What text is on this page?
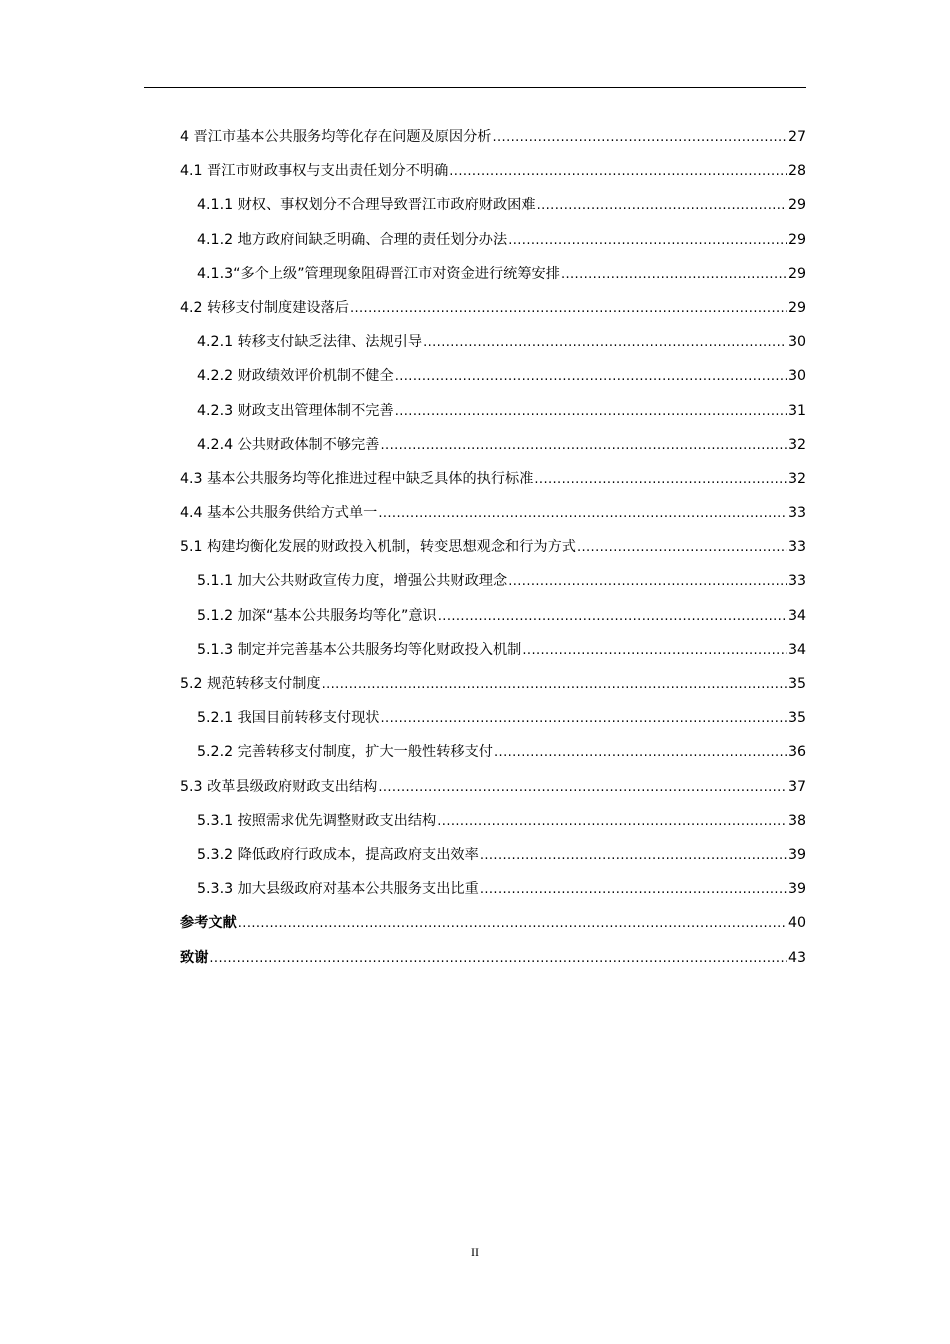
4 晋江市基本公共服务均等化存在问题及原因分析 .....	27
4.1 晋江市财政事权与支出责任划分不明确 .....	28
4.1.1 财权、事权划分不合理导致晋江市政府财政困难 .....	29
4.1.2 地方政府间缺乏明确、合理的责任划分办法 .....	29
4.1.3“多个上级”管理现象阻碍晋江市对资金进行统筹安排 .....	29
4.2 转移支付制度建设落后 .....	29
4.2.1 转移支付缺乏法律、法规引导 .....	30
4.2.2 财政绩效评价机制不健全 .....	30
4.2.3 财政支出管理体制不完善 .....	31
4.2.4 公共财政体制不够完善 .....	32
4.3 基本公共服务均等化推进过程中缺乏具体的执行标准 .....	32
4.4 基本公共服务供给方式单一 .....	33
5.1 构建均衡化发展的财政投入机制，转变思想观念和行为方式 .....	33
5.1.1 加大公共财政宣传力度，增强公共财政理念 .....	33
5.1.2 加深“基本公共服务均等化”意识 .....	34
5.1.3 制定并完善基本公共服务均等化财政投入机制 .....	34
5.2 规范转移支付制度 .....	35
5.2.1 我国目前转移支付现状 .....	35
5.2.2 完善转移支付制度，扩大一般性转移支付 .....	36
5.3 改革县级政府财政支出结构 .....	37
5.3.1 按照需求优先调整财政支出结构 .....	38
5.3.2 降低政府行政成本，提高政府支出效率 .....	39
5.3.3 加大县级政府对基本公共服务支出比重 .....	39
参考文献 .....	40
致谢 .....	43
II
